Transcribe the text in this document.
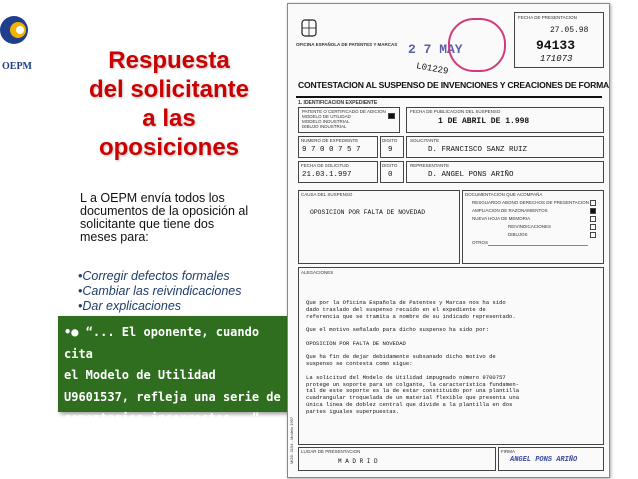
OEPM	Respuesta
del solicitante
a las
oposiciones
L a OEPM envía todos los
documentos de la oposición al
solicitante que tiene dos
meses para:
•Corregir defectos formales
•Cambiar las reivindicaciones
•Dar explicaciones
•● “... El oponente, cuando cita
el Modelo de Utilidad
U9601537, refleja una serie de
comentarios incorrectos...”
OFICINA ESPAÑOLA DE PATENTES Y MARCAS 2 7 MAY
L01229
FECHA DE PRESENTACION
27.05.98
94133
171073
CONTESTACION AL SUSPENSO DE INVENCIONES Y CREACIONES DE FORMA
1. IDENTIFICACION EXPEDIENTE
PATENTE O CERTIFICADO DE ADICION
MODELO DE UTILIDAD
MODELO INDUSTRIAL
DIBUJO INDUSTRIAL
FECHA DE PUBLICACION DEL SUSPENSO
1 DE ABRIL DE 1.998
NUMERO DE EXPEDIENTE
9 7 0 0 7 5 7
DIGITO
9
SOLICITANTE
D. FRANCISCO SANZ RUIZ
FECHA DE SOLICITUD
21.03.1.997
DIGITO
0
REPRESENTANTE
D. ANGEL PONS ARIÑO
CAUSA DEL SUSPENSO
OPOSICION POR FALTA DE NOVEDAD
DOCUMENTACION QUE ACOMPAÑA
RESGUARDO ABONO DERECHOS DE PRESENTACION
AMPLIACION DE RAZONAMIENTOS
NUEVA HOJA DE MEMORIA
REIVINDICACIONES
DIBUJOS
OTROS
ALEGACIONES
Que por la Oficina Española de Patentes y Marcas nos ha sido
dado traslado del suspenso recaído en el expediente de
referencia que se tramita a nombre de su indicado representado.

Que el motivo señalado para dicho suspenso ha sido por:

OPOSICION POR FALTA DE NOVEDAD

Que ha fin de dejar debidamente subsanado dicho motivo de
suspenso se contesta como sigue:

La solicitud del Modelo de Utilidad impugnado número 9700757
protege un soporte para un colgante, la característica fundamen-
tal de este soporte es la de estar constituido por una plantilla
cuadrangular troquelada de un material flexible que presenta una
única línea de doblez central que divide a la plantilla en dos
partes iguales superpuestas.
LUGAR DE PRESENTACION
M A D R I D
FIRMA
ANGEL PONS ARIÑO
MOD. 3154 - Modelo 1997
